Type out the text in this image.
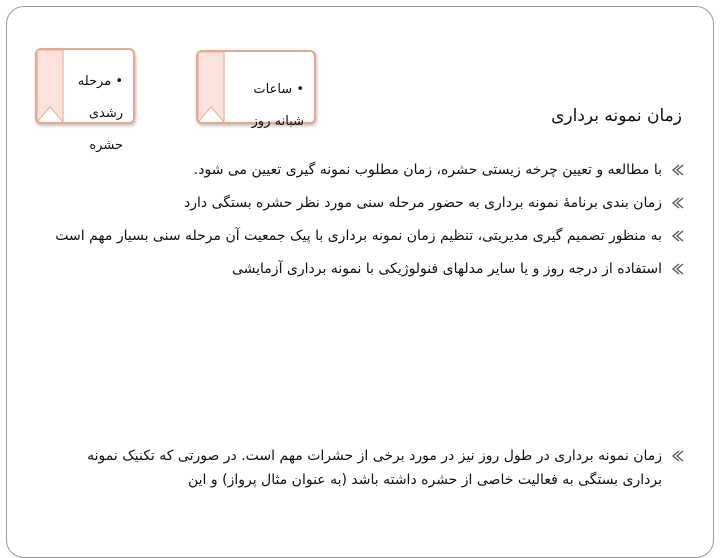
• مرحله

رشدی

حشره

• ساعات

شبانه روز	زمان نمونه برداری
با مطالعه و تعیین چرخه زیستی حشره، زمان مطلوب نمونه گیری تعیین می شود.
زمان بندی برنامهٔ نمونه برداری به حضور مرحله سنی مورد نظر حشره بستگی دارد
به منظور تصمیم گیری مدیریتی، تنظیم زمان نمونه برداری با پیک جمعیت آن مرحله سنی بسیار مهم است
استفاده از درجه روز و یا سایر مدلهای فنولوژیکی با نمونه برداری آزمایشی
زمان نمونه برداری در طول روز نیز در مورد برخی از حشرات مهم است. در صورتی که تکنیک نمونه برداری بستگی به فعالیت خاصی از حشره داشته باشد (به عنوان مثال پرواز) و این
